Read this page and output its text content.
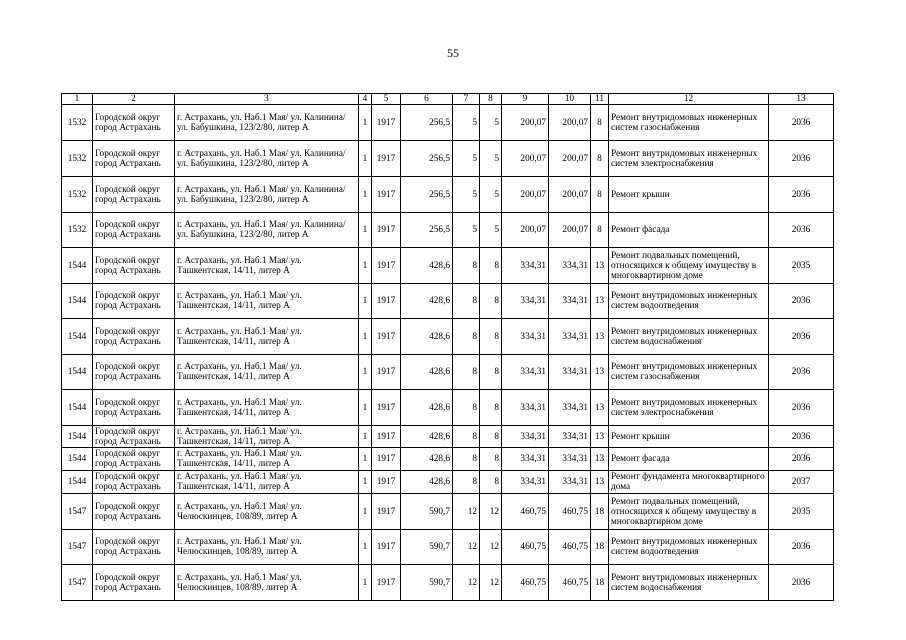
55
1	2	3	4	5	6	7	8	9	10	11	12	13
1532	Городской округ город Астрахань	г. Астрахань, ул. Наб.1 Мая/ ул. Калинина/ ул. Бабушкина, 123/2/80, литер А	1	1917	256,5	5	5	200,07	200,07	8	Ремонт внутридомовых инженерных систем газоснабжения	2036
1532	Городской округ город Астрахань	г. Астрахань, ул. Наб.1 Мая/ ул. Калинина/ ул. Бабушкина, 123/2/80, литер А	1	1917	256,5	5	5	200,07	200,07	8	Ремонт внутридомовых инженерных систем электроснабжения	2036
1532	Городской округ город Астрахань	г. Астрахань, ул. Наб.1 Мая/ ул. Калинина/ ул. Бабушкина, 123/2/80, литер А	1	1917	256,5	5	5	200,07	200,07	8	Ремонт крыши	2036
1532	Городской округ город Астрахань	г. Астрахань, ул. Наб.1 Мая/ ул. Калинина/ ул. Бабушкина, 123/2/80, литер А	1	1917	256,5	5	5	200,07	200,07	8	Ремонт фасада	2036
1544	Городской округ город Астрахань	г. Астрахань, ул. Наб.1 Мая/ ул. Ташкентская, 14/11, литер А	1	1917	428,6	8	8	334,31	334,31	13	Ремонт подвальных помещений, относящихся к общему имуществу в многоквартирном доме	2035
1544	Городской округ город Астрахань	г. Астрахань, ул. Наб.1 Мая/ ул. Ташкентская, 14/11, литер А	1	1917	428,6	8	8	334,31	334,31	13	Ремонт внутридомовых инженерных систем водоотведения	2036
1544	Городской округ город Астрахань	г. Астрахань, ул. Наб.1 Мая/ ул. Ташкентская, 14/11, литер А	1	1917	428,6	8	8	334,31	334,31	13	Ремонт внутридомовых инженерных систем водоснабжения	2036
1544	Городской округ город Астрахань	г. Астрахань, ул. Наб.1 Мая/ ул. Ташкентская, 14/11, литер А	1	1917	428,6	8	8	334,31	334,31	13	Ремонт внутридомовых инженерных систем газоснабжения	2036
1544	Городской округ город Астрахань	г. Астрахань, ул. Наб.1 Мая/ ул. Ташкентская, 14/11, литер А	1	1917	428,6	8	8	334,31	334,31	13	Ремонт внутридомовых инженерных систем электроснабжения	2036
1544	Городской округ город Астрахань	г. Астрахань, ул. Наб.1 Мая/ ул. Ташкентская, 14/11, литер А	1	1917	428,6	8	8	334,31	334,31	13	Ремонт крыши	2036
1544	Городской округ город Астрахань	г. Астрахань, ул. Наб.1 Мая/ ул. Ташкентская, 14/11, литер А	1	1917	428,6	8	8	334,31	334,31	13	Ремонт фасада	2036
1544	Городской округ город Астрахань	г. Астрахань, ул. Наб.1 Мая/ ул. Ташкентская, 14/11, литер А	1	1917	428,6	8	8	334,31	334,31	13	Ремонт фундамента многоквартирного дома	2037
1547	Городской округ город Астрахань	г. Астрахань, ул. Наб.1 Мая/ ул. Челюскинцев, 108/89, литер А	1	1917	590,7	12	12	460,75	460,75	18	Ремонт подвальных помещений, относящихся к общему имуществу в многоквартирном доме	2035
1547	Городской округ город Астрахань	г. Астрахань, ул. Наб.1 Мая/ ул. Челюскинцев, 108/89, литер А	1	1917	590,7	12	12	460,75	460,75	18	Ремонт внутридомовых инженерных систем водоотведения	2036
1547	Городской округ город Астрахань	г. Астрахань, ул. Наб.1 Мая/ ул. Челюскинцев, 108/89, литер А	1	1917	590,7	12	12	460,75	460,75	18	Ремонт внутридомовых инженерных систем водоснабжения	2036
